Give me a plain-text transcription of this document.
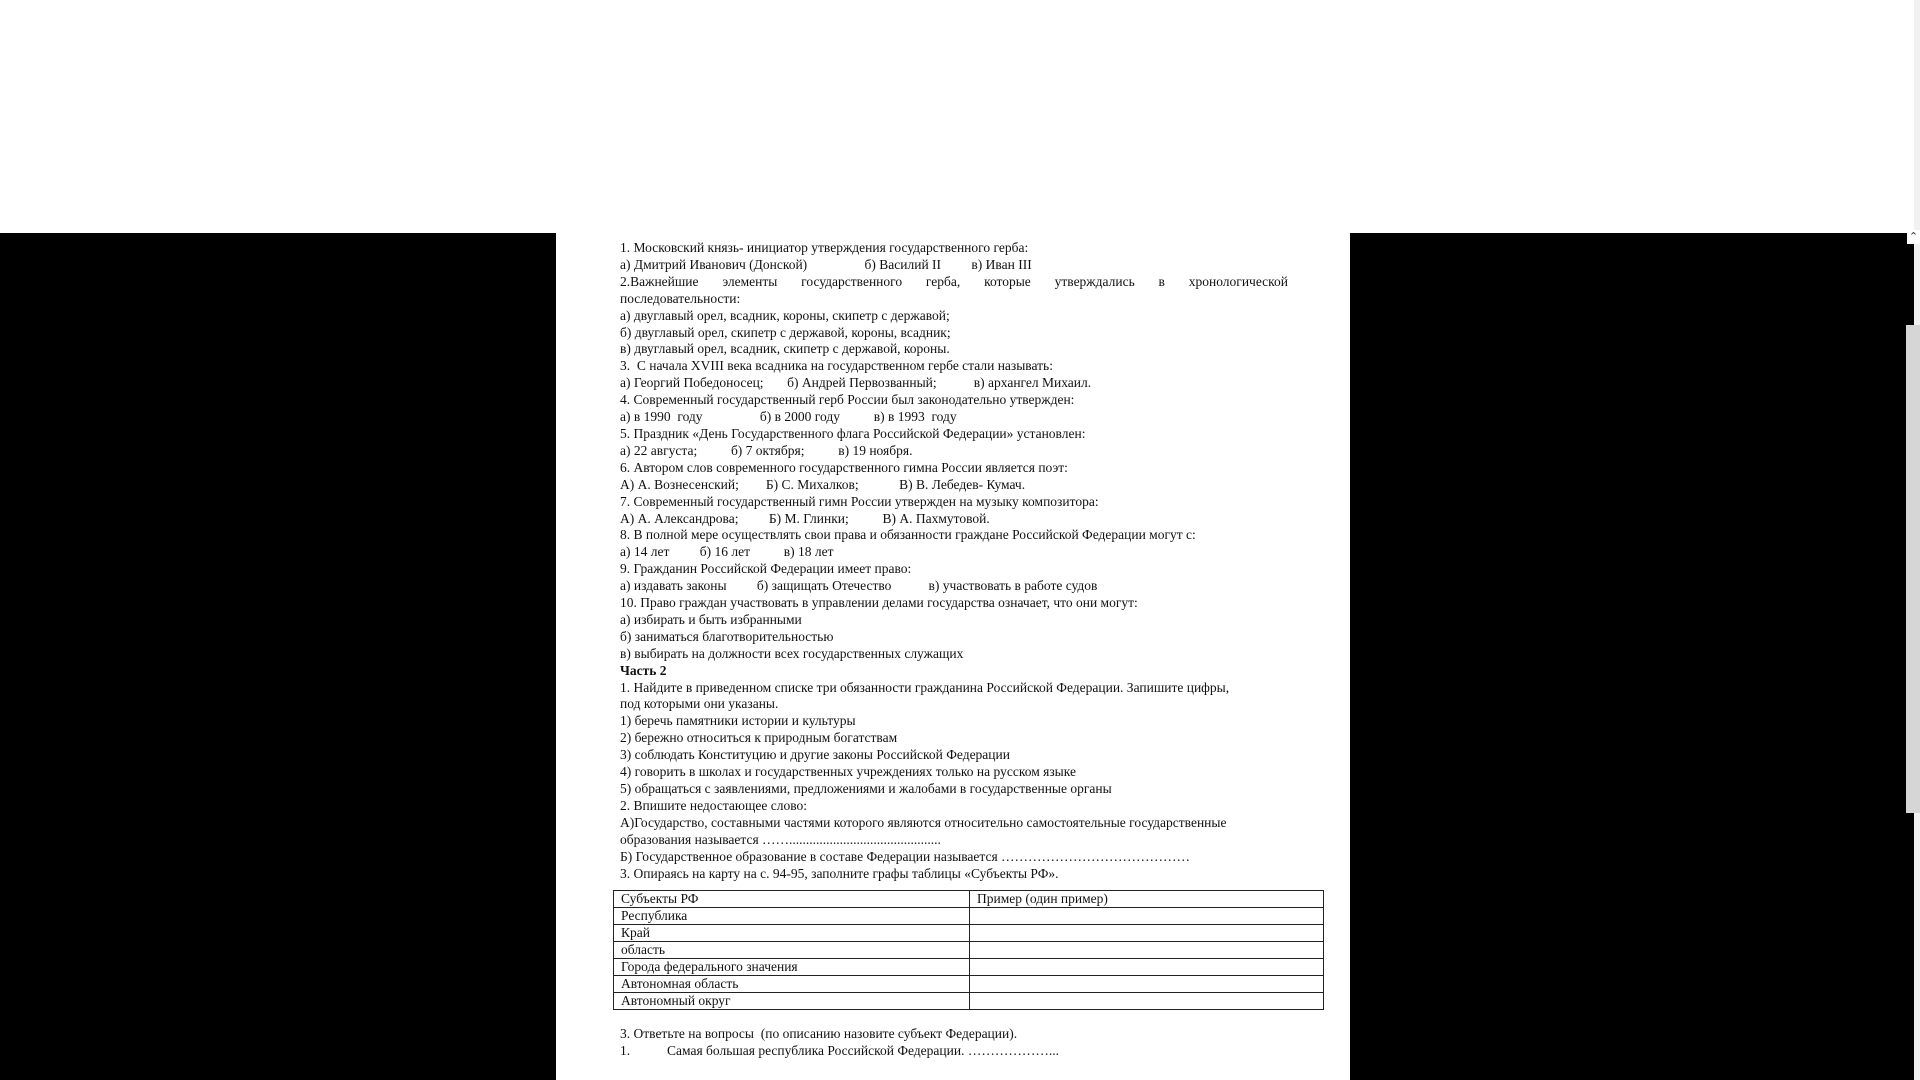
1. Московский князь- инициатор утверждения государственного герба:
а) Дмитрий Иванович (Донской)                 б) Василий II         в) Иван III
2.Важнейшие элементы государственного герба, которые утверждались в хронологической
последовательности:
а) двуглавый орел, всадник, короны, скипетр с державой;
б) двуглавый орел, скипетр с державой, короны, всадник;
в) двуглавый орел, всадник, скипетр с державой, короны.
3.  С начала XVIII века всадника на государственном гербе стали называть:
а) Георгий Победоносец;       б) Андрей Первозванный;           в) архангел Михаил.
4. Современный государственный герб России был законодательно утвержден:
а) в 1990  году                 б) в 2000 году          в) в 1993  году
5. Праздник «День Государственного флага Российской Федерации» установлен:
а) 22 августа;          б) 7 октября;          в) 19 ноября.
6. Автором слов современного государственного гимна России является поэт:
А) А. Вознесенский;        Б) С. Михалков;            В) В. Лебедев- Кумач.
7. Современный государственный гимн России утвержден на музыку композитора:
А) А. Александрова;         Б) М. Глинки;          В) А. Пахмутовой.
8. В полной мере осуществлять свои права и обязанности граждане Российской Федерации могут с:
а) 14 лет         б) 16 лет          в) 18 лет
9. Гражданин Российской Федерации имеет право:
а) издавать законы         б) защищать Отечество           в) участвовать в работе судов
10. Право граждан участвовать в управлении делами государства означает, что они могут:
а) избирать и быть избранными
б) заниматься благотворительностью
в) выбирать на должности всех государственных служащих
Часть 2
1. Найдите в приведенном списке три обязанности гражданина Российской Федерации. Запишите цифры,
под которыми они указаны.
1) беречь памятники истории и культуры
2) бережно относиться к природным богатствам
3) соблюдать Конституцию и другие законы Российской Федерации
4) говорить в школах и государственных учреждениях только на русском языке
5) обращаться с заявлениями, предложениями и жалобами в государственные органы
2. Впишите недостающее слово:
А)Государство, составными частями которого являются относительно самостоятельные государственные
образования называется …….............................................
Б) Государственное образование в составе Федерации называется ……………………………………
3. Опираясь на карту на с. 94-95, заполните графы таблицы «Субъекты РФ».
Субъекты РФ	Пример (один пример)
Республика	
Край	
область	
Города федерального значения	
Автономная область	
Автономный округ	
3. Ответьте на вопросы  (по описанию назовите субъект Федерации).
1.	Самая большая республика Российской Федерации. ………………...
⌃
